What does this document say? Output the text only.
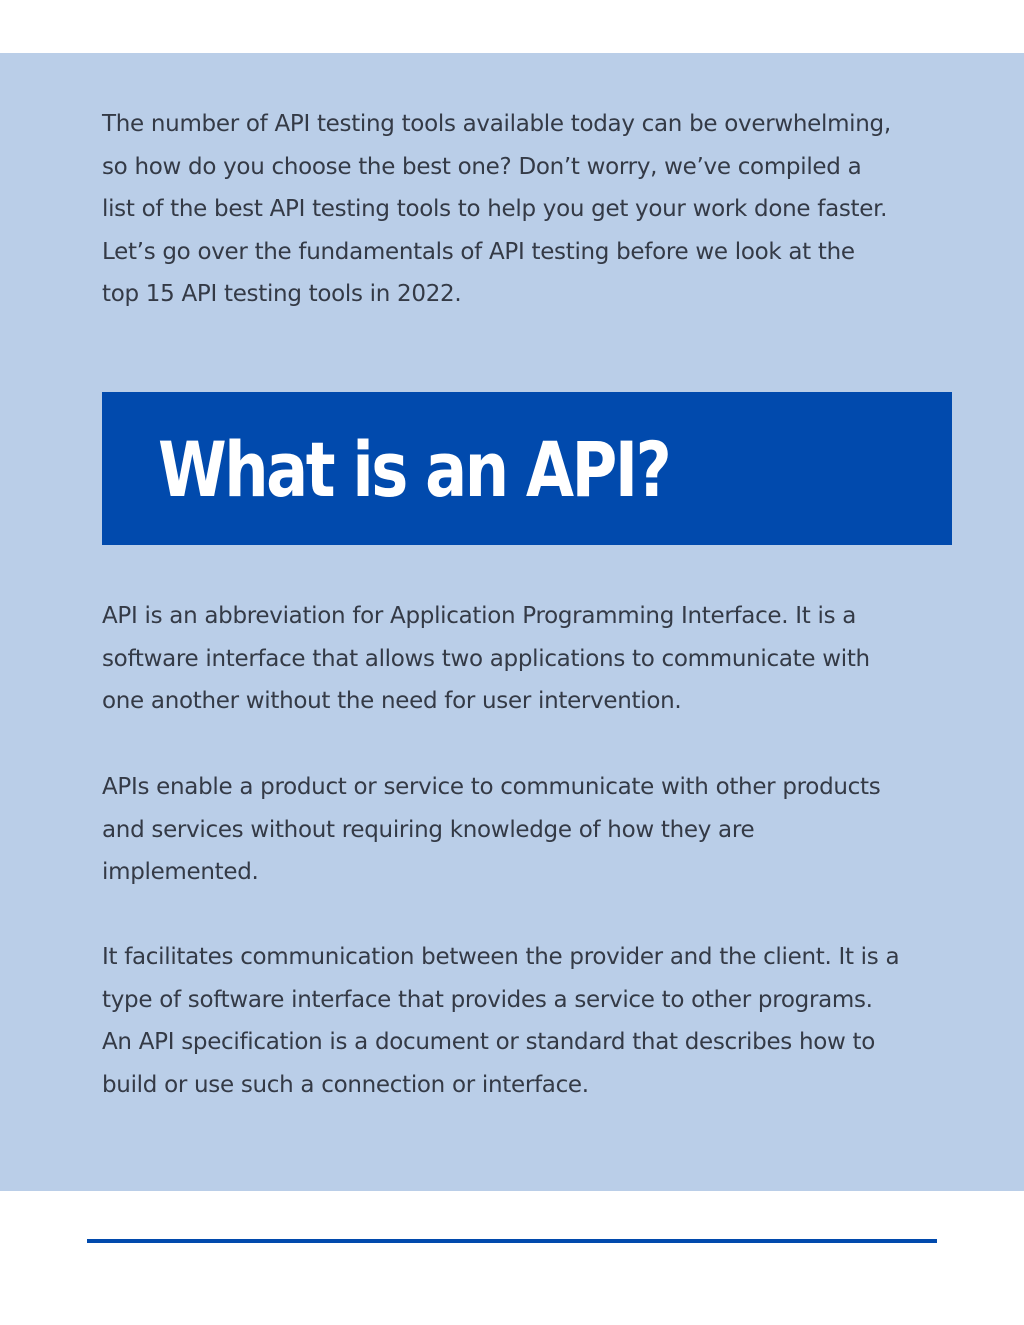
The number of API testing tools available today can be overwhelming,
so how do you choose the best one? Don’t worry, we’ve compiled a
list of the best API testing tools to help you get your work done faster.
Let’s go over the fundamentals of API testing before we look at the
top 15 API testing tools in 2022.

What is an API?

API is an abbreviation for Application Programming Interface. It is a
software interface that allows two applications to communicate with
one another without the need for user intervention.

APIs enable a product or service to communicate with other products
and services without requiring knowledge of how they are
implemented.

It facilitates communication between the provider and the client. It is a
type of software interface that provides a service to other programs.
An API specification is a document or standard that describes how to
build or use such a connection or interface.
